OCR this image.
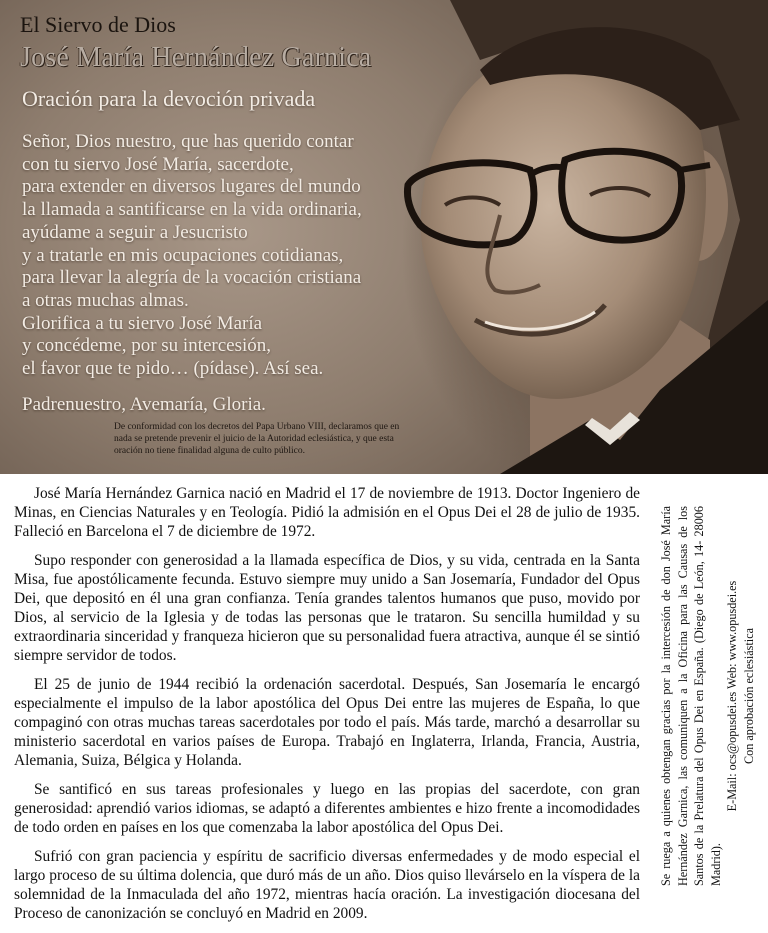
El Siervo de Dios
José María Hernández Garnica
Oración para la devoción privada
Señor, Dios nuestro, que has querido contar
con tu siervo José María, sacerdote,
para extender en diversos lugares del mundo
la llamada a santificarse en la vida ordinaria,
ayúdame a seguir a Jesucristo
y a tratarle en mis ocupaciones cotidianas,
para llevar la alegría de la vocación cristiana
a otras muchas almas.
Glorifica a tu siervo José María
y concédeme, por su intercesión,
el favor que te pido… (pídase). Así sea.
Padrenuestro, Avemaría, Gloria.
De conformidad con los decretos del Papa Urbano VIII, declaramos que en nada se pretende prevenir el juicio de la Autoridad eclesiástica, y que esta oración no tiene finalidad alguna de culto público.

José María Hernández Garnica nació en Madrid el 17 de noviembre de 1913. Doctor Ingeniero de Minas, en Ciencias Naturales y en Teología. Pidió la admisión en el Opus Dei el 28 de julio de 1935. Falleció en Barcelona el 7 de diciembre de 1972.

Supo responder con generosidad a la llamada específica de Dios, y su vida, centrada en la Santa Misa, fue apostólicamente fecunda. Estuvo siempre muy unido a San Josemaría, Fundador del Opus Dei, que depositó en él una gran confianza. Tenía grandes talentos humanos que puso, movido por Dios, al servicio de la Iglesia y de todas las personas que le trataron. Su sencilla humildad y su extraordinaria sinceridad y franqueza hicieron que su personalidad fuera atractiva, aunque él se sintió siempre servidor de todos.

El 25 de junio de 1944 recibió la ordenación sacerdotal. Después, San Josemaría le encargó especialmente el impulso de la labor apostólica del Opus Dei entre las mujeres de España, lo que compaginó con otras muchas tareas sacerdotales por todo el país. Más tarde, marchó a desarrollar su ministerio sacerdotal en varios países de Europa. Trabajó en Inglaterra, Irlanda, Francia, Austria, Alemania, Suiza, Bélgica y Holanda.

Se santificó en sus tareas profesionales y luego en las propias del sacerdote, con gran generosidad: aprendió varios idiomas, se adaptó a diferentes ambientes e hizo frente a incomodidades de todo orden en países en los que comenzaba la labor apostólica del Opus Dei.

Sufrió con gran paciencia y espíritu de sacrificio diversas enfermedades y de modo especial el largo proceso de su última dolencia, que duró más de un año. Dios quiso llevárselo en la víspera de la solemnidad de la Inmaculada del año 1972, mientras hacía oración. La investigación diocesana del Proceso de canonización se concluyó en Madrid en 2009.

Se ruega a quienes obtengan gracias por la intercesión de don José María Hernández Garnica, las comuniquen a la Oficina para las Causas de los Santos de la Prelatura del Opus Dei en España. (Diego de León, 14- 28006 Madrid).

E-Mail: ocs@opusdei.es Web: www.opusdei.es Con aprobación eclesiástica
